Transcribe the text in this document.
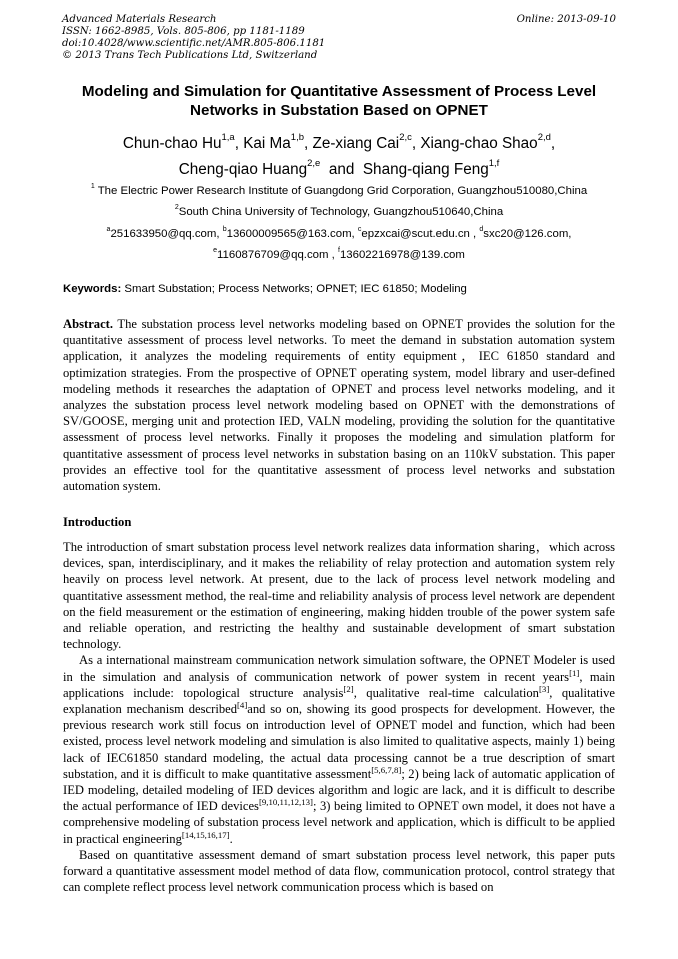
Advanced Materials Research
ISSN: 1662-8985, Vols. 805-806, pp 1181-1189
doi:10.4028/www.scientific.net/AMR.805-806.1181
© 2013 Trans Tech Publications Ltd, Switzerland
Online: 2013-09-10
Modeling and Simulation for Quantitative Assessment of Process Level Networks in Substation Based on OPNET
Chun-chao Hu$^{1,a}$, Kai Ma$^{1,b}$, Ze-xiang Cai$^{2,c}$, Xiang-chao Shao$^{2,d}$,
Cheng-qiao Huang$^{2,e}$  and  Shang-qiang Feng$^{1,f}$
$^1$ The Electric Power Research Institute of Guangdong Grid Corporation, Guangzhou510080,China
$^2$South China University of Technology, Guangzhou510640,China
$^a$251633950@qq.com, $^b$13600009565@163.com, $^c$epzxcai@scut.edu.cn , $^d$sxc20@126.com,
$^e$1160876709@qq.com , $^f$13602216978@139.com
Keywords: Smart Substation; Process Networks; OPNET; IEC 61850; Modeling

Abstract. The substation process level networks modeling based on OPNET provides the solution for the quantitative assessment of process level networks. To meet the demand in substation automation system application, it analyzes the modeling requirements of entity equipment，IEC 61850 standard and optimization strategies. From the prospective of OPNET operating system, model library and user-defined modeling methods it researches the adaptation of OPNET and process level networks modeling, and it analyzes the substation process level network modeling based on OPNET with the demonstrations of SV/GOOSE, merging unit and protection IED, VALN modeling, providing the solution for the quantitative assessment of process level networks. Finally it proposes the modeling and simulation platform for quantitative assessment of process level networks in substation basing on an 110kV substation. This paper provides an effective tool for the quantitative assessment of process level networks and substation automation system.

Introduction

The introduction of smart substation process level network realizes data information sharing，which across devices, span, interdisciplinary, and it makes the reliability of relay protection and automation system rely heavily on process level network. At present, due to the lack of process level network modeling and quantitative assessment method, the real-time and reliability analysis of process level network are dependent on the field measurement or the estimation of engineering, making hidden trouble of the power system safe and reliable operation, and restricting the healthy and sustainable development of smart substation technology.

As a international mainstream communication network simulation software, the OPNET Modeler is used in the simulation and analysis of communication network of power system in recent years[1], main applications include: topological structure analysis[2], qualitative real-time calculation[3], qualitative explanation mechanism described[4]and so on, showing its good prospects for development. However, the previous research work still focus on introduction level of OPNET model and function, which had been existed, process level network modeling and simulation is also limited to qualitative aspects, mainly 1) being lack of IEC61850 standard modeling, the actual data processing cannot be a true description of smart substation, and it is difficult to make quantitative assessment[5,6,7,8]; 2) being lack of automatic application of IED modeling, detailed modeling of IED devices algorithm and logic are lack, and it is difficult to describe the actual performance of IED devices[9,10,11,12,13]; 3) being limited to OPNET own model, it does not have a comprehensive modeling of substation process level network and application, which is difficult to be applied in practical engineering[14,15,16,17].

Based on quantitative assessment demand of smart substation process level network, this paper puts forward a quantitative assessment model method of data flow, communication protocol, control strategy that can complete reflect process level network communication process which is based on
